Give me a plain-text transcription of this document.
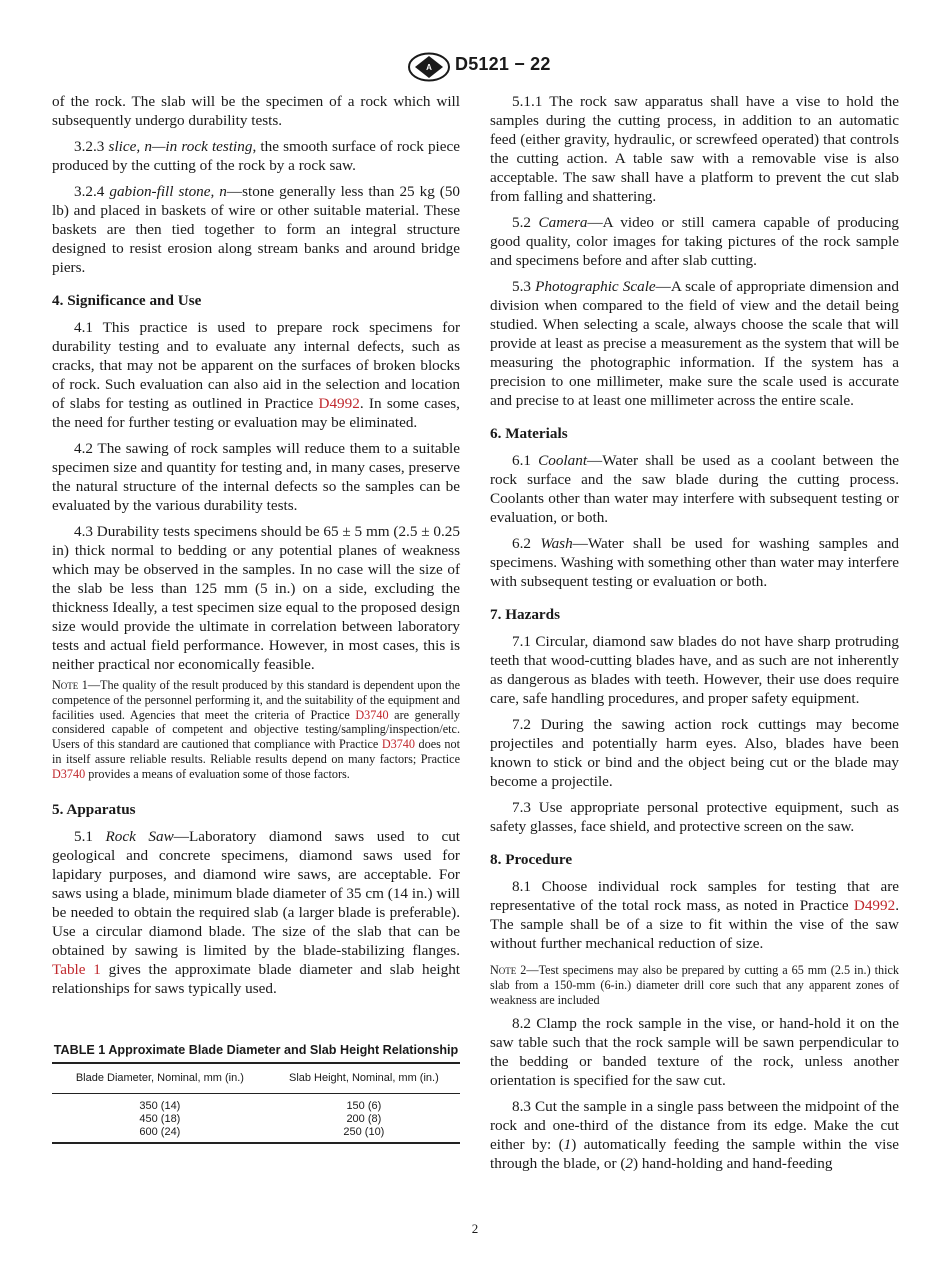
A D5121 − 22

of the rock. The slab will be the specimen of a rock which will subsequently undergo durability tests.

3.2.3 slice, n—in rock testing, the smooth surface of rock piece produced by the cutting of the rock by a rock saw.

3.2.4 gabion-fill stone, n—stone generally less than 25 kg (50 lb) and placed in baskets of wire or other suitable material. These baskets are then tied together to form an integral structure designed to resist erosion along stream banks and around bridge piers.

4. Significance and Use

4.1 This practice is used to prepare rock specimens for durability testing and to evaluate any internal defects, such as cracks, that may not be apparent on the surfaces of broken blocks of rock. Such evaluation can also aid in the selection and location of slabs for testing as outlined in Practice D4992. In some cases, the need for further testing or evaluation may be eliminated.

4.2 The sawing of rock samples will reduce them to a suitable specimen size and quantity for testing and, in many cases, preserve the natural structure of the internal defects so the samples can be evaluated by the various durability tests.

4.3 Durability tests specimens should be 65 ± 5 mm (2.5 ± 0.25 in) thick normal to bedding or any potential planes of weakness which may be observed in the samples. In no case will the size of the slab be less than 125 mm (5 in.) on a side, excluding the thickness Ideally, a test specimen size equal to the proposed design size would provide the ultimate in correlation between laboratory tests and actual field performance. However, in most cases, this is neither practical nor economically feasible.

Note 1—The quality of the result produced by this standard is dependent upon the competence of the personnel performing it, and the suitability of the equipment and facilities used. Agencies that meet the criteria of Practice D3740 are generally considered capable of competent and objective testing/sampling/inspection/etc. Users of this standard are cautioned that compliance with Practice D3740 does not in itself assure reliable results. Reliable results depend on many factors; Practice D3740 provides a means of evaluation some of those factors.

5. Apparatus

5.1 Rock Saw—Laboratory diamond saws used to cut geological and concrete specimens, diamond saws used for lapidary purposes, and diamond wire saws, are acceptable. For saws using a blade, minimum blade diameter of 35 cm (14 in.) will be needed to obtain the required slab (a larger blade is preferable). Use a circular diamond blade. The size of the slab that can be obtained by sawing is limited by the blade-stabilizing flanges. Table 1 gives the approximate blade diameter and slab height relationships for saws typically used.

TABLE 1 Approximate Blade Diameter and Slab Height Relationship
Blade Diameter, Nominal, mm (in.)	Slab Height, Nominal, mm (in.)
350 (14)	150 (6)
450 (18)	200 (8)
600 (24)	250 (10)

5.1.1 The rock saw apparatus shall have a vise to hold the samples during the cutting process, in addition to an automatic feed (either gravity, hydraulic, or screwfeed operated) that controls the cutting action. A table saw with a removable vise is also acceptable. The saw shall have a platform to prevent the cut slab from falling and shattering.

5.2 Camera—A video or still camera capable of producing good quality, color images for taking pictures of the rock sample and specimens before and after slab cutting.

5.3 Photographic Scale—A scale of appropriate dimension and division when compared to the field of view and the detail being studied. When selecting a scale, always choose the scale that will provide at least as precise a measurement as the system that will be measuring the photographic information. If the system has a precision to one millimeter, make sure the scale used is accurate and precise to at least one millimeter across the entire scale.

6. Materials

6.1 Coolant—Water shall be used as a coolant between the rock surface and the saw blade during the cutting process. Coolants other than water may interfere with subsequent testing or evaluation, or both.

6.2 Wash—Water shall be used for washing samples and specimens. Washing with something other than water may interfere with subsequent testing or evaluation or both.

7. Hazards

7.1 Circular, diamond saw blades do not have sharp protruding teeth that wood-cutting blades have, and as such are not inherently as dangerous as blades with teeth. However, their use does require care, safe handling procedures, and proper safety equipment.

7.2 During the sawing action rock cuttings may become projectiles and potentially harm eyes. Also, blades have been known to stick or bind and the object being cut or the blade may become a projectile.

7.3 Use appropriate personal protective equipment, such as safety glasses, face shield, and protective screen on the saw.

8. Procedure

8.1 Choose individual rock samples for testing that are representative of the total rock mass, as noted in Practice D4992. The sample shall be of a size to fit within the vise of the saw without further mechanical reduction of size.

Note 2—Test specimens may also be prepared by cutting a 65 mm (2.5 in.) thick slab from a 150-mm (6-in.) diameter drill core such that any apparent zones of weakness are included

8.2 Clamp the rock sample in the vise, or hand-hold it on the saw table such that the rock sample will be sawn perpendicular to the bedding or banded texture of the rock, unless another orientation is specified for the saw cut.

8.3 Cut the sample in a single pass between the midpoint of the rock and one-third of the distance from its edge. Make the cut either by: (1) automatically feeding the sample within the vise through the blade, or (2) hand-holding and hand-feeding

2
